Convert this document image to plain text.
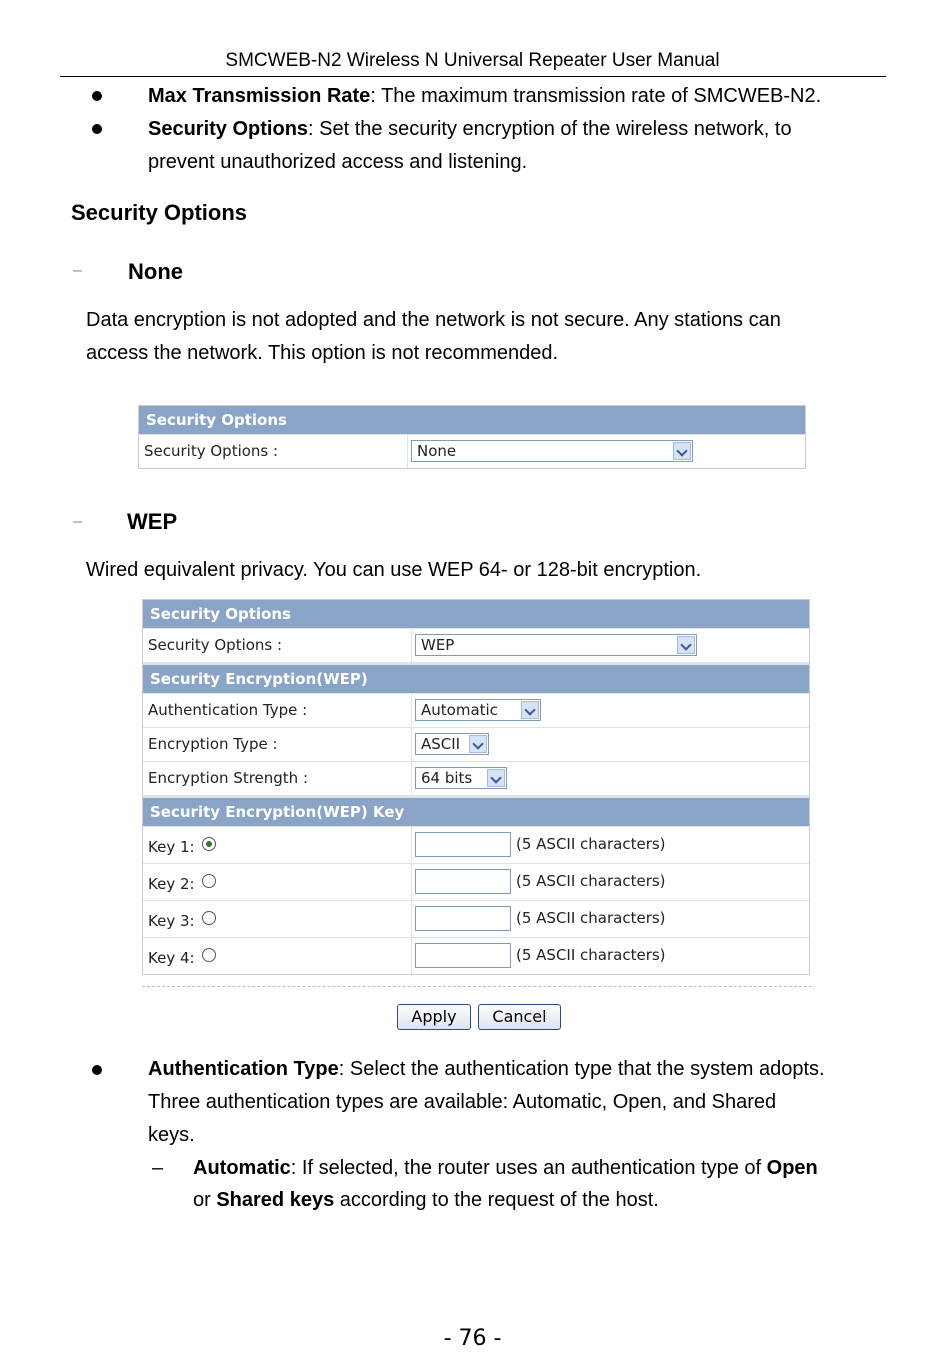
SMCWEB-N2 Wireless N Universal Repeater User Manual
Max Transmission Rate: The maximum transmission rate of SMCWEB-N2.
Security Options: Set the security encryption of the wireless network, to
prevent unauthorized access and listening.
Security Options
– None
Data encryption is not adopted and the network is not secure. Any stations can
access the network. This option is not recommended.
Security Options
Security Options :	None
– WEP
Wired equivalent privacy. You can use WEP 64- or 128-bit encryption.
Security Options
Security Options :	WEP
Security Encryption(WEP)
Authentication Type :	Automatic
Encryption Type :	ASCII
Encryption Strength :	64 bits
Security Encryption(WEP) Key
Key 1:	(5 ASCII characters)
Key 2:	(5 ASCII characters)
Key 3:	(5 ASCII characters)
Key 4:	(5 ASCII characters)
Apply	Cancel
Authentication Type: Select the authentication type that the system adopts.
Three authentication types are available: Automatic, Open, and Shared
keys.
– Automatic: If selected, the router uses an authentication type of Open
or Shared keys according to the request of the host.
- 76 -
